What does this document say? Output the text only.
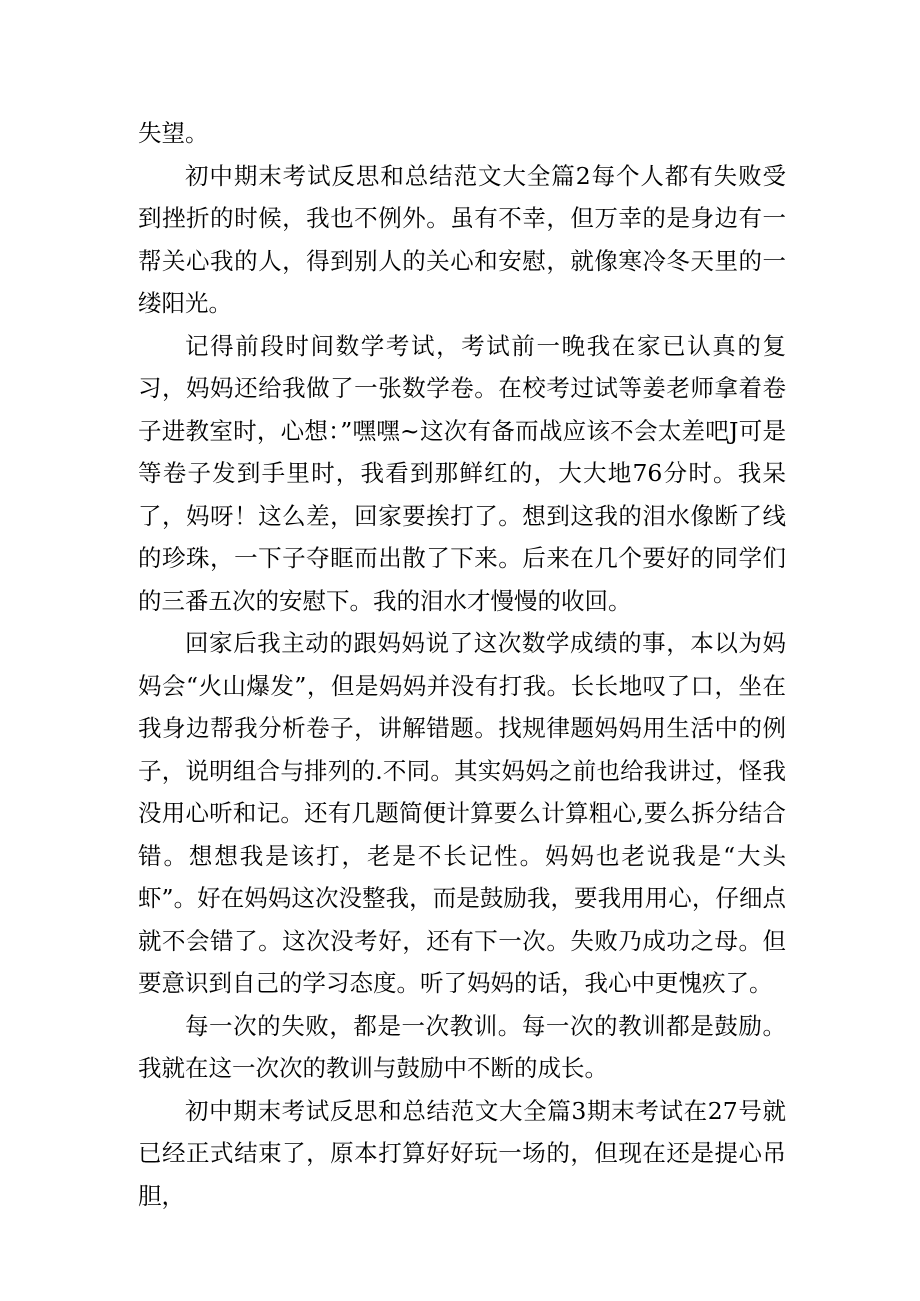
失望。

初中期末考试反思和总结范文大全篇2每个人都有失败受到挫折的时候，我也不例外。虽有不幸，但万幸的是身边有一帮关心我的人，得到别人的关心和安慰，就像寒冷冬天里的一缕阳光。

记得前段时间数学考试，考试前一晚我在家已认真的复习，妈妈还给我做了一张数学卷。在校考过试等姜老师拿着卷子进教室时，心想：”嘿嘿~这次有备而战应该不会太差吧J可是等卷子发到手里时，我看到那鲜红的，大大地76分时。我呆了，妈呀！这么差，回家要挨打了。想到这我的泪水像断了线的珍珠，一下子夺眶而出散了下来。后来在几个要好的同学们的三番五次的安慰下。我的泪水才慢慢的收回。

回家后我主动的跟妈妈说了这次数学成绩的事，本以为妈妈会“火山爆发”，但是妈妈并没有打我。长长地叹了口，坐在我身边帮我分析卷子，讲解错题。找规律题妈妈用生活中的例子，说明组合与排列的.不同。其实妈妈之前也给我讲过，怪我没用心听和记。还有几题简便计算要么计算粗心,要么拆分结合错。想想我是该打，老是不长记性。妈妈也老说我是“大头虾”。好在妈妈这次没整我，而是鼓励我，要我用用心，仔细点就不会错了。这次没考好，还有下一次。失败乃成功之母。但要意识到自己的学习态度。听了妈妈的话，我心中更愧疚了。

每一次的失败，都是一次教训。每一次的教训都是鼓励。我就在这一次次的教训与鼓励中不断的成长。

初中期末考试反思和总结范文大全篇3期末考试在27号就已经正式结束了，原本打算好好玩一场的，但现在还是提心吊胆，
